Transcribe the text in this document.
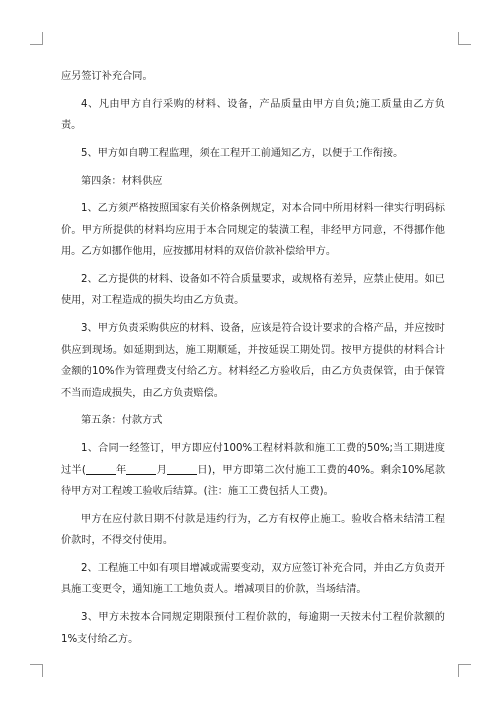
应另签订补充合同。

4、凡由甲方自行采购的材料、设备，产品质量由甲方自负;施工质量由乙方负责。

5、甲方如自聘工程监理，须在工程开工前通知乙方，以便于工作衔接。

第四条：材料供应

1、乙方须严格按照国家有关价格条例规定，对本合同中所用材料一律实行明码标价。甲方所提供的材料均应用于本合同规定的装潢工程，非经甲方同意，不得挪作他用。乙方如挪作他用，应按挪用材料的双倍价款补偿给甲方。

2、乙方提供的材料、设备如不符合质量要求，或规格有差异，应禁止使用。如已使用，对工程造成的损失均由乙方负责。

3、甲方负责采购供应的材料、设备，应该是符合设计要求的合格产品，并应按时供应到现场。如延期到达，施工期顺延，并按延误工期处罚。按甲方提供的材料合计金额的10%作为管理费支付给乙方。材料经乙方验收后，由乙方负责保管，由于保管不当而造成损失，由乙方负责赔偿。

第五条：付款方式

1、合同一经签订，甲方即应付100%工程材料款和施工工费的50%;当工期进度过半(	年	月	日)，甲方即第二次付施工工费的40%。剩余10%尾款待甲方对工程竣工验收后结算。(注：施工工费包括人工费)。

甲方在应付款日期不付款是违约行为，乙方有权停止施工。验收合格未结清工程价款时，不得交付使用。

2、工程施工中如有项目增减或需要变动，双方应签订补充合同，并由乙方负责开具施工变更令，通知施工工地负责人。增减项目的价款，当场结清。

3、甲方未按本合同规定期限预付工程价款的，每逾期一天按未付工程价款额的1%支付给乙方。
